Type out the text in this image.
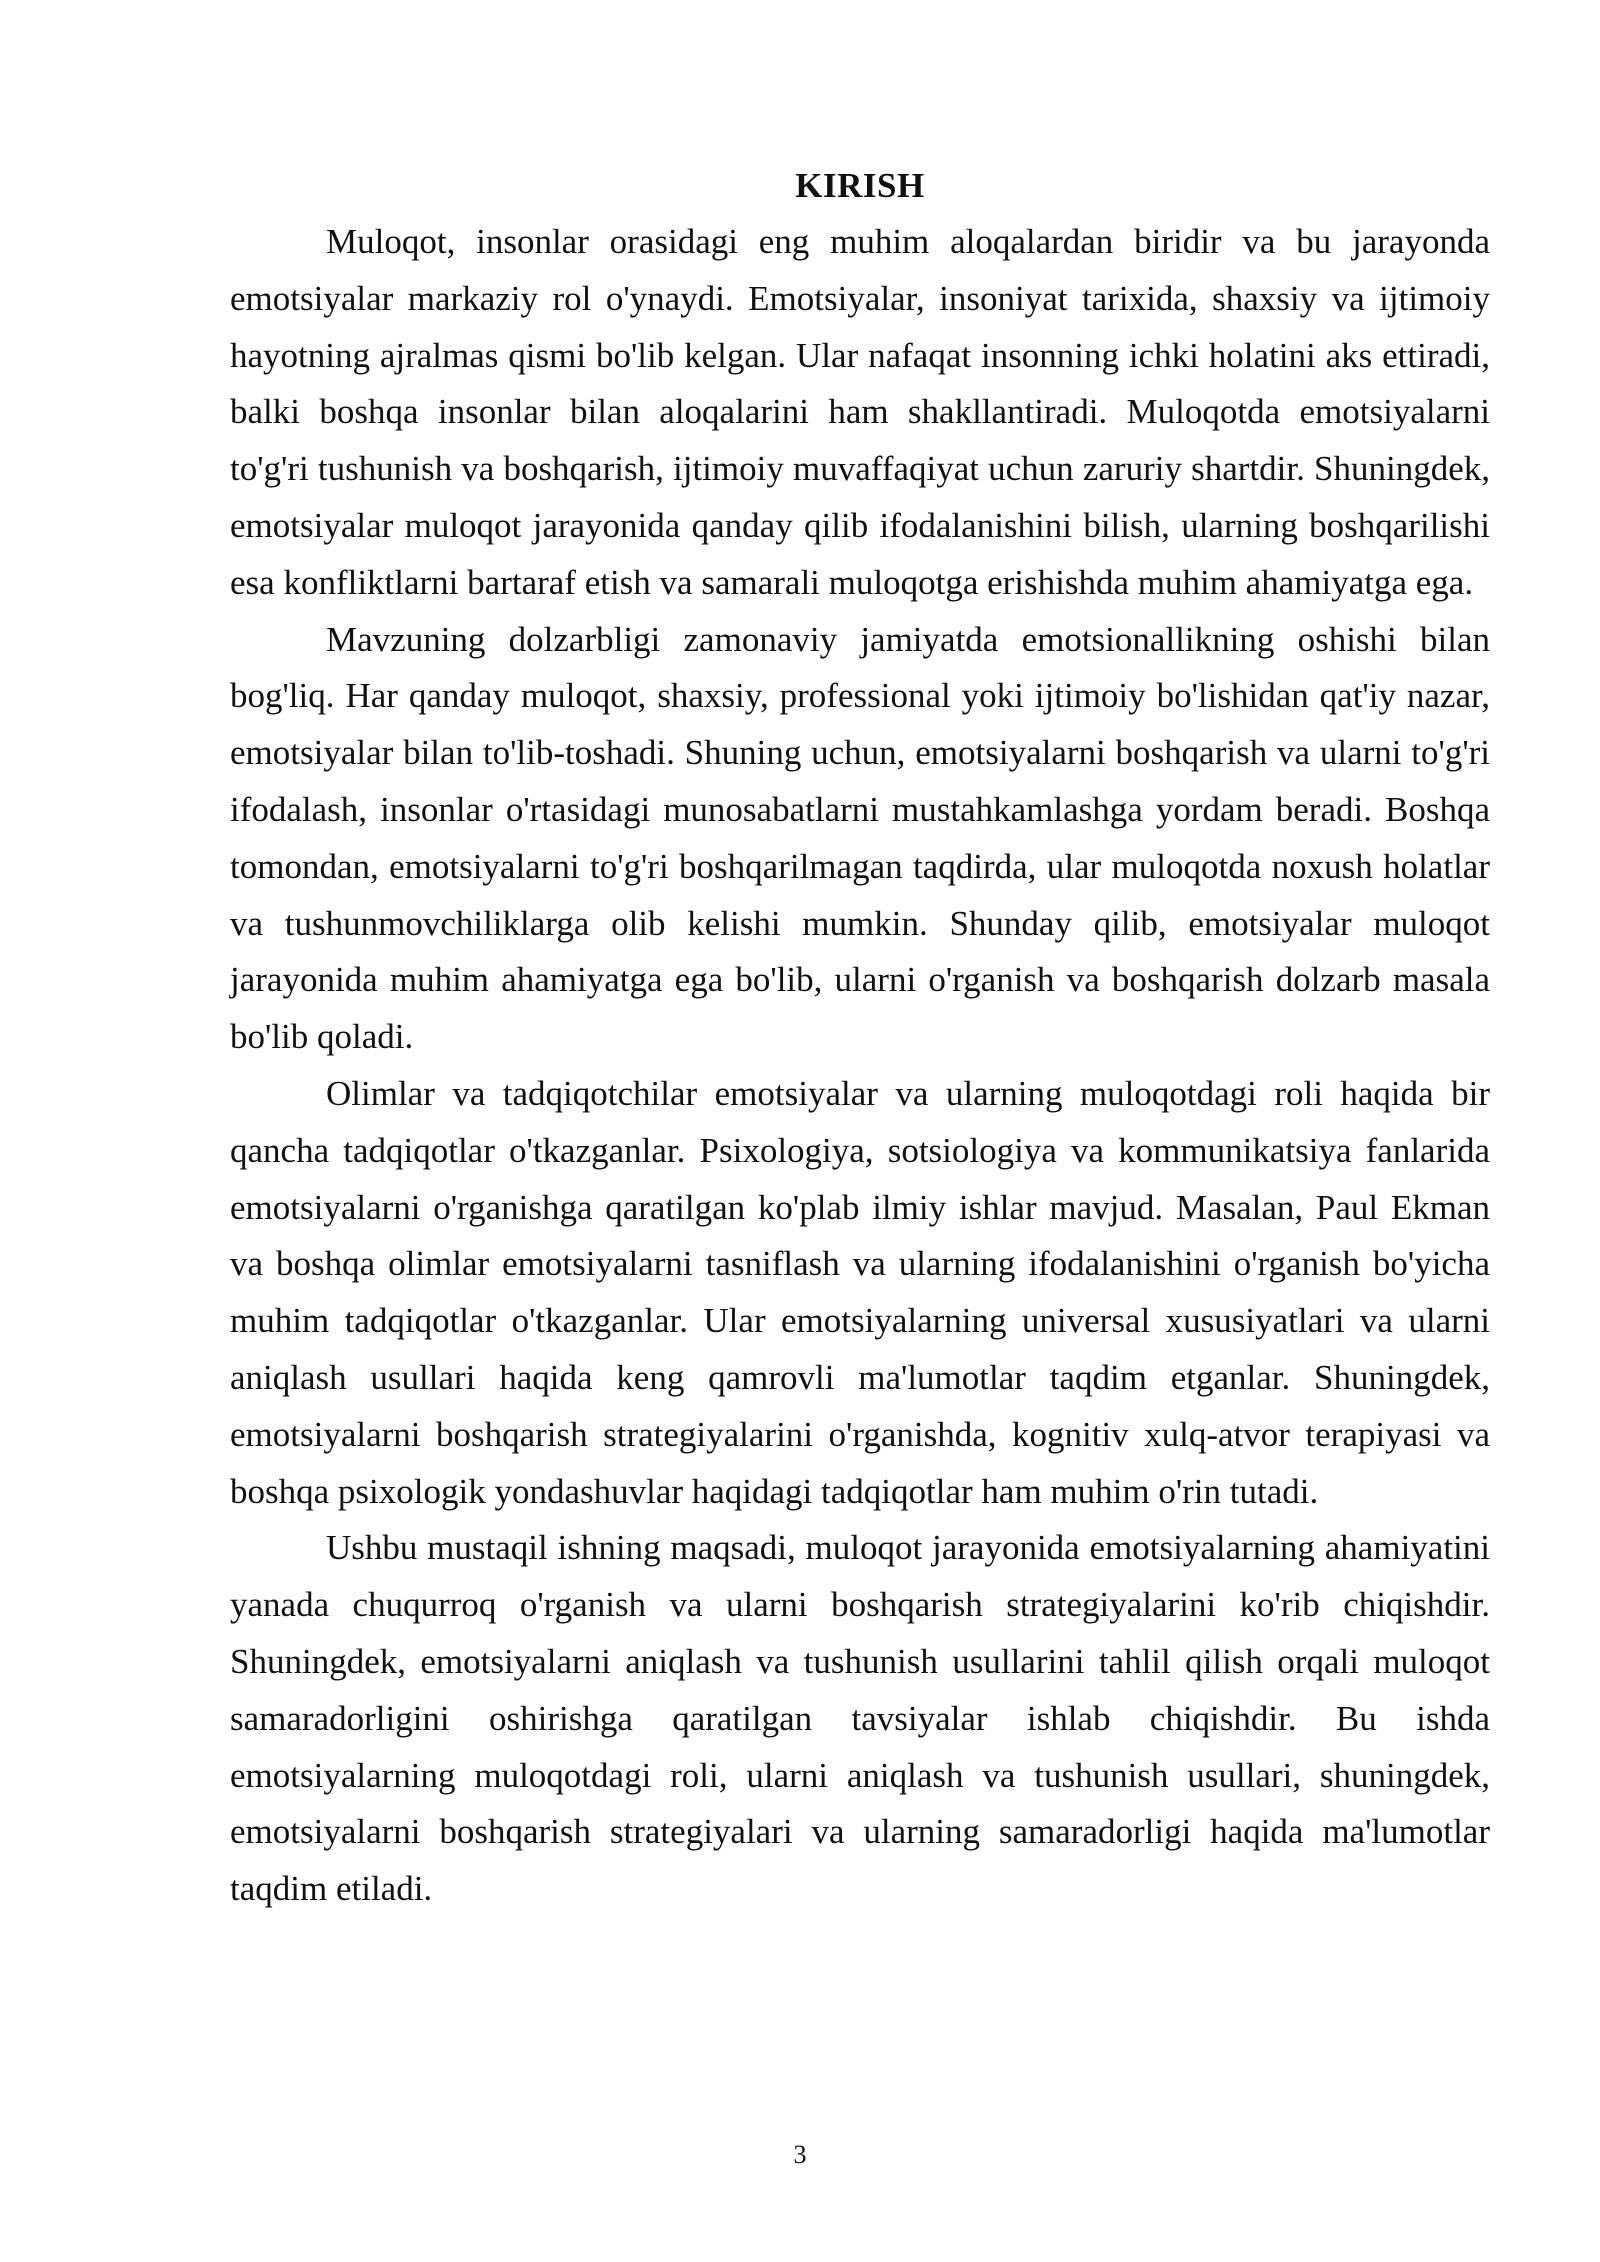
KIRISH

Muloqot, insonlar orasidagi eng muhim aloqalardan biridir va bu jarayonda emotsiyalar markaziy rol o'ynaydi. Emotsiyalar, insoniyat tarixida, shaxsiy va ijtimoiy hayotning ajralmas qismi bo'lib kelgan. Ular nafaqat insonning ichki holatini aks ettiradi, balki boshqa insonlar bilan aloqalarini ham shakllantiradi. Muloqotda emotsiyalarni to'g'ri tushunish va boshqarish, ijtimoiy muvaffaqiyat uchun zaruriy shartdir. Shuningdek, emotsiyalar muloqot jarayonida qanday qilib ifodalanishini bilish, ularning boshqarilishi esa konfliktlarni bartaraf etish va samarali muloqotga erishishda muhim ahamiyatga ega.

Mavzuning dolzarbligi zamonaviy jamiyatda emotsionallikning oshishi bilan bog'liq. Har qanday muloqot, shaxsiy, professional yoki ijtimoiy bo'lishidan qat'iy nazar, emotsiyalar bilan to'lib-toshadi. Shuning uchun, emotsiyalarni boshqarish va ularni to'g'ri ifodalash, insonlar o'rtasidagi munosabatlarni mustahkamlashga yordam beradi. Boshqa tomondan, emotsiyalarni to'g'ri boshqarilmagan taqdirda, ular muloqotda noxush holatlar va tushunmovchiliklarga olib kelishi mumkin. Shunday qilib, emotsiyalar muloqot jarayonida muhim ahamiyatga ega bo'lib, ularni o'rganish va boshqarish dolzarb masala bo'lib qoladi.

Olimlar va tadqiqotchilar emotsiyalar va ularning muloqotdagi roli haqida bir qancha tadqiqotlar o'tkazganlar. Psixologiya, sotsiologiya va kommunikatsiya fanlarida emotsiyalarni o'rganishga qaratilgan ko'plab ilmiy ishlar mavjud. Masalan, Paul Ekman va boshqa olimlar emotsiyalarni tasniflash va ularning ifodalanishini o'rganish bo'yicha muhim tadqiqotlar o'tkazganlar. Ular emotsiyalarning universal xususiyatlari va ularni aniqlash usullari haqida keng qamrovli ma'lumotlar taqdim etganlar. Shuningdek, emotsiyalarni boshqarish strategiyalarini o'rganishda, kognitiv xulq-atvor terapiyasi va boshqa psixologik yondashuvlar haqidagi tadqiqotlar ham muhim o'rin tutadi.

Ushbu mustaqil ishning maqsadi, muloqot jarayonida emotsiyalarning ahamiyatini yanada chuqurroq o'rganish va ularni boshqarish strategiyalarini ko'rib chiqishdir. Shuningdek, emotsiyalarni aniqlash va tushunish usullarini tahlil qilish orqali muloqot samaradorligini oshirishga qaratilgan tavsiyalar ishlab chiqishdir. Bu ishda emotsiyalarning muloqotdagi roli, ularni aniqlash va tushunish usullari, shuningdek, emotsiyalarni boshqarish strategiyalari va ularning samaradorligi haqida ma'lumotlar taqdim etiladi.

3
